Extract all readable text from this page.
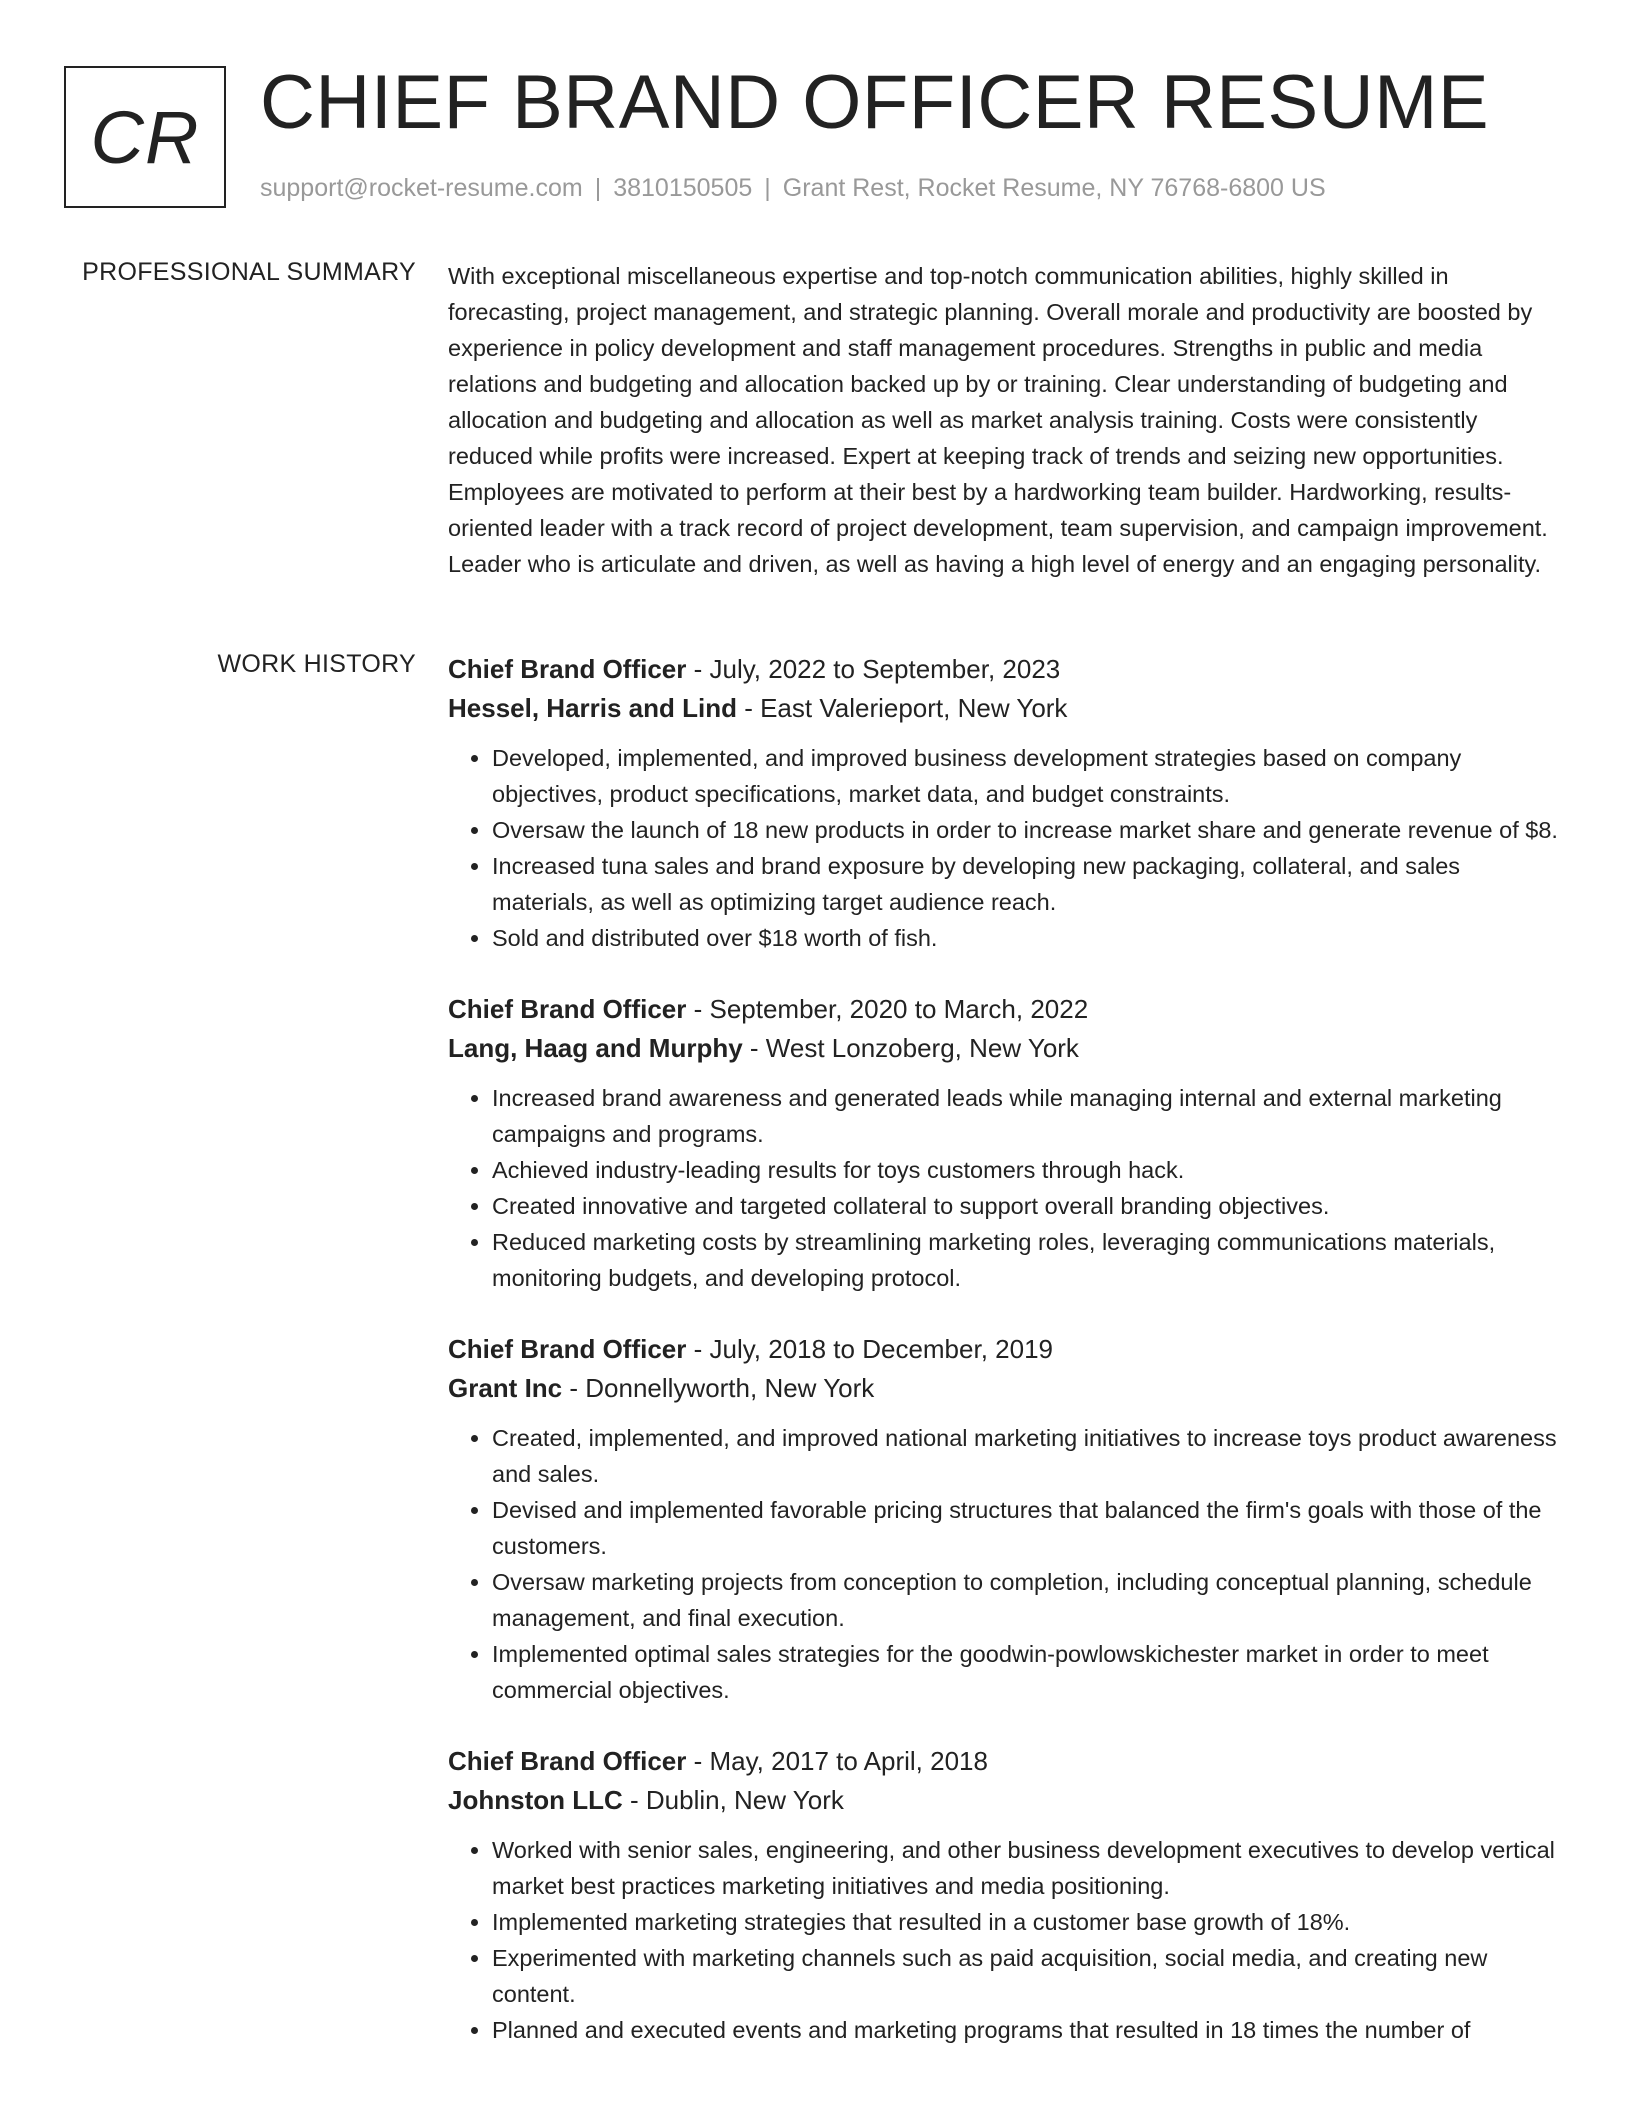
CR CHIEF BRAND OFFICER RESUME
support@rocket-resume.com | 3810150505 | Grant Rest, Rocket Resume, NY 76768-6800 US
PROFESSIONAL SUMMARY With exceptional miscellaneous expertise and top-notch communication abilities, highly skilled in forecasting, project management, and strategic planning. Overall morale and productivity are boosted by experience in policy development and staff management procedures. Strengths in public and media relations and budgeting and allocation backed up by or training. Clear understanding of budgeting and allocation and budgeting and allocation as well as market analysis training. Costs were consistently reduced while profits were increased. Expert at keeping track of trends and seizing new opportunities. Employees are motivated to perform at their best by a hardworking team builder. Hardworking, results-oriented leader with a track record of project development, team supervision, and campaign improvement. Leader who is articulate and driven, as well as having a high level of energy and an engaging personality.
WORK HISTORY Chief Brand Officer - July, 2022 to September, 2023
Hessel, Harris and Lind - East Valerieport, New York
• Developed, implemented, and improved business development strategies based on company objectives, product specifications, market data, and budget constraints.
• Oversaw the launch of 18 new products in order to increase market share and generate revenue of $8.
• Increased tuna sales and brand exposure by developing new packaging, collateral, and sales materials, as well as optimizing target audience reach.
• Sold and distributed over $18 worth of fish.
Chief Brand Officer - September, 2020 to March, 2022
Lang, Haag and Murphy - West Lonzoberg, New York
• Increased brand awareness and generated leads while managing internal and external marketing campaigns and programs.
• Achieved industry-leading results for toys customers through hack.
• Created innovative and targeted collateral to support overall branding objectives.
• Reduced marketing costs by streamlining marketing roles, leveraging communications materials, monitoring budgets, and developing protocol.
Chief Brand Officer - July, 2018 to December, 2019
Grant Inc - Donnellyworth, New York
• Created, implemented, and improved national marketing initiatives to increase toys product awareness and sales.
• Devised and implemented favorable pricing structures that balanced the firm's goals with those of the customers.
• Oversaw marketing projects from conception to completion, including conceptual planning, schedule management, and final execution.
• Implemented optimal sales strategies for the goodwin-powlowskichester market in order to meet commercial objectives.
Chief Brand Officer - May, 2017 to April, 2018
Johnston LLC - Dublin, New York
• Worked with senior sales, engineering, and other business development executives to develop vertical market best practices marketing initiatives and media positioning.
• Implemented marketing strategies that resulted in a customer base growth of 18%.
• Experimented with marketing channels such as paid acquisition, social media, and creating new content.
• Planned and executed events and marketing programs that resulted in 18 times the number of
